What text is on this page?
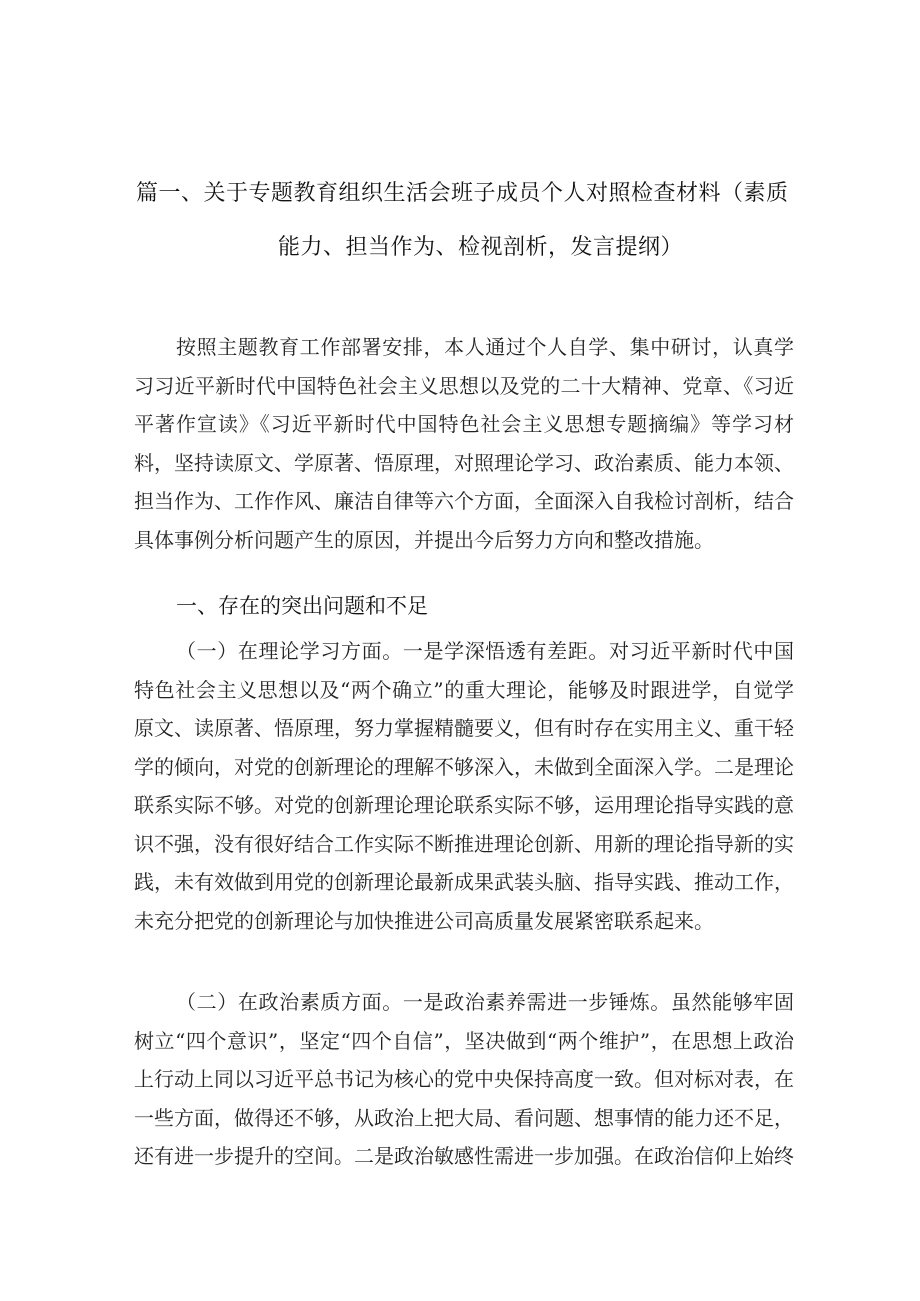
篇一、关于专题教育组织生活会班子成员个人对照检查材料（素质
能力、担当作为、检视剖析，发言提纲）

按照主题教育工作部署安排，本人通过个人自学、集中研讨，认真学习习近平新时代中国特色社会主义思想以及党的二十大精神、党章、《习近平著作宣读》《习近平新时代中国特色社会主义思想专题摘编》等学习材料，坚持读原文、学原著、悟原理，对照理论学习、政治素质、能力本领、担当作为、工作作风、廉洁自律等六个方面，全面深入自我检讨剖析，结合具体事例分析问题产生的原因，并提出今后努力方向和整改措施。

一、存在的突出问题和不足

（一）在理论学习方面。一是学深悟透有差距。对习近平新时代中国特色社会主义思想以及“两个确立”的重大理论，能够及时跟进学，自觉学原文、读原著、悟原理，努力掌握精髓要义，但有时存在实用主义、重干轻学的倾向，对党的创新理论的理解不够深入，未做到全面深入学。二是理论联系实际不够。对党的创新理论理论联系实际不够，运用理论指导实践的意识不强，没有很好结合工作实际不断推进理论创新、用新的理论指导新的实践，未有效做到用党的创新理论最新成果武装头脑、指导实践、推动工作，未充分把党的创新理论与加快推进公司高质量发展紧密联系起来。

（二）在政治素质方面。一是政治素养需进一步锤炼。虽然能够牢固树立“四个意识”，坚定“四个自信”，坚决做到“两个维护”，在思想上政治上行动上同以习近平总书记为核心的党中央保持高度一致。但对标对表，在一些方面，做得还不够，从政治上把大局、看问题、想事情的能力还不足，还有进一步提升的空间。二是政治敏感性需进一步加强。在政治信仰上始终
